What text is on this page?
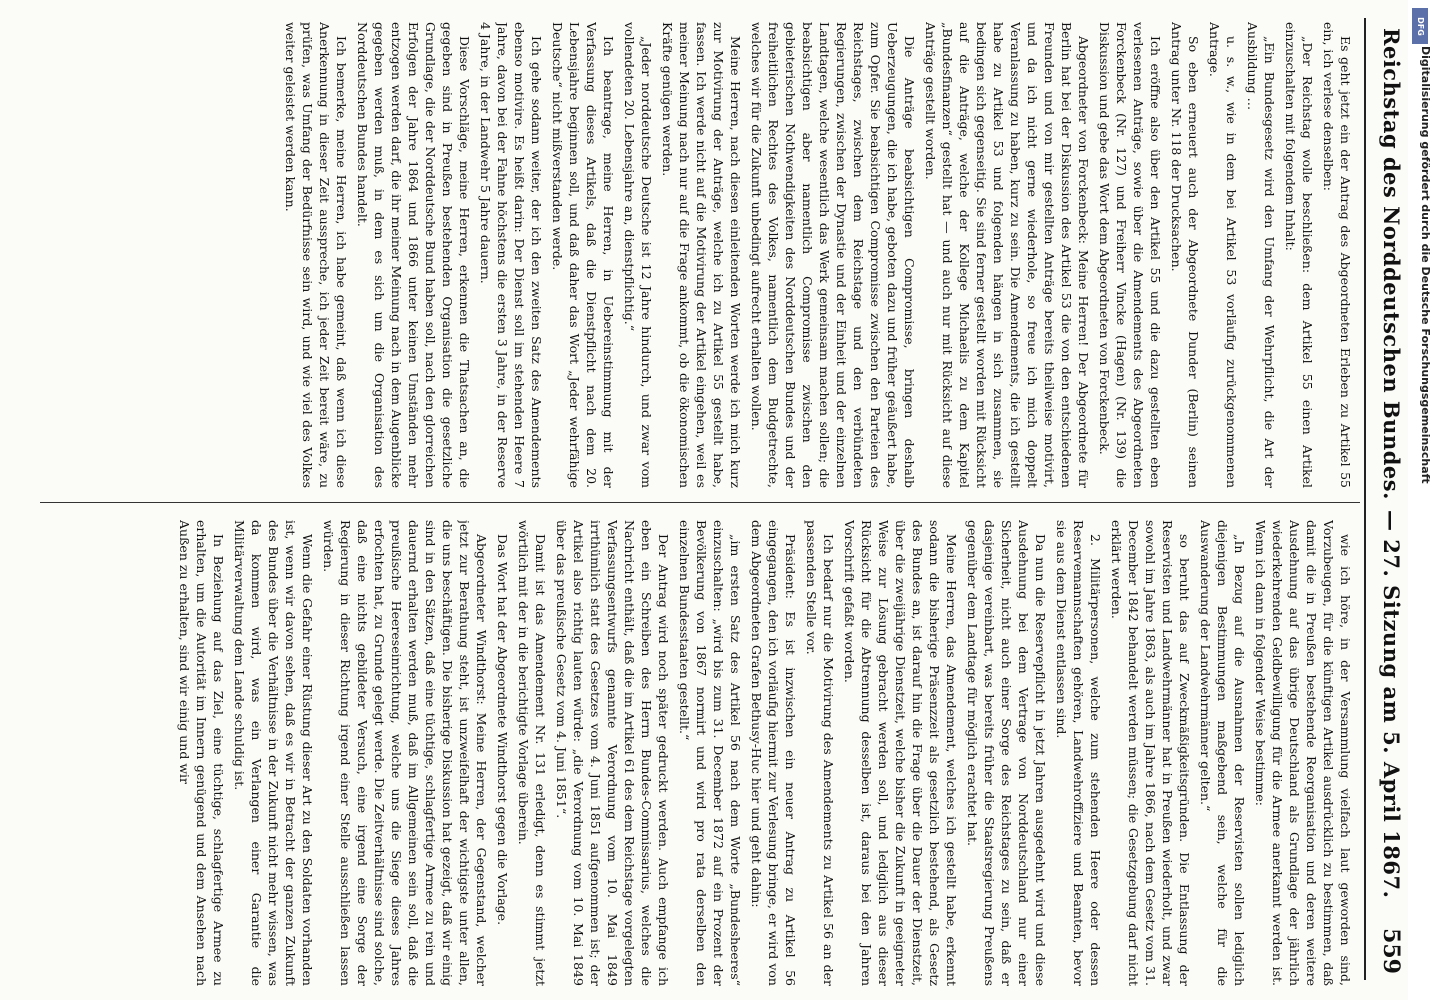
Reichstag des Norddeutschen Bundes.
— 27. Sitzung am 5. April 1867.
559

Es geht jetzt ein der Antrag des Abgeordneten Erleben zu Artikel 55 ein, ich verlese denselben:

„Der Reichstag wolle beschließen: dem Artikel 55 einen Artikel einzuschalten mit folgendem Inhalt:

„Ein Bundesgesetz wird den Umfang der Wehrpflicht, die Art der Ausbildung …

u. s. w., wie in dem bei Artikel 53 vorläufig zurückgenommenen Antrage.

So eben erneuert auch der Abgeordnete Dunder (Berlin) seinen Antrag unter Nr. 118 der Drucksachen.

Ich eröffne also über den Artikel 55 und die dazu gestellten eben verlesenen Anträge, sowie über die Amendements des Abgeordneten Forckenbeck (Nr. 127) und Freiherr Vincke (Hagen) (Nr. 139) die Diskussion und gebe das Wort dem Abgeordneten von Forckenbeck.

Abgeordneter von Forckenbeck: Meine Herren! Der Abgeordnete für Berlin hat bei der Diskussion des Artikel 53 die von den entschiedenen Freunden und von mir gestellten Anträge bereits theilweise motivirt, und da ich nicht gerne wiederhole, so freue ich mich doppelt Veranlassung zu haben, kurz zu sein. Die Amendements, die ich gestellt habe zu Artikel 53 und folgenden hängen in sich zusammen, sie bedingen sich gegenseitig. Sie sind ferner gestellt worden mit Rücksicht auf die Anträge, welche der Kollege Michaelis zu dem Kapitel „Bundesfinanzen“ gestellt hat — und auch nur mit Rücksicht auf diese Anträge gestellt worden.

Die Anträge beabsichtigen Compromisse, bringen deshalb Ueberzeugungen, die ich habe, geboten dazu und früher geäußert habe, zum Opfer. Sie beabsichtigen Compromisse zwischen den Parteien des Reichstages, zwischen dem Reichstage und den verbündeten Regierungen, zwischen der Dynastie und der Einheit und der einzelnen Landtagen, welche wesentlich das Werk gemeinsam machen sollen; die beabsichtigen aber namentlich Compromisse zwischen den gebieterischen Nothwendigkeiten des Norddeutschen Bundes und der freiheitlichen Rechtes des Volkes, namentlich dem Budgetrechte, welches wir für die Zukunft unbedingt aufrecht erhalten wollen.

Meine Herren, nach diesen einleitenden Worten werde ich mich kurz zur Motivirung der Anträge, welche ich zu Artikel 55 gestellt habe, fassen. Ich werde nicht auf die Motivirung der Artikel eingehen, weil es meiner Meinung nach nur auf die Frage ankommt, ob die ökonomischen Kräfte genügen werden.

„Jeder norddeutsche Deutsche ist 12 Jahre hindurch, und zwar vom vollendeten 20. Lebensjahre an, dienstpflichtig.“

Ich beantrage, meine Herren, in Uebereinstimmung mit der Verfassung dieses Artikels, daß die Dienstpflicht nach dem 20. Lebensjahre beginnen soll, und daß daher das Wort „Jeder wehrfähige Deutsche“ nicht mißverstanden werde.

Ich gehe sodann weiter, der ich den zweiten Satz des Amendements ebenso motivire. Es heißt darin: Der Dienst soll im stehenden Heere 7 Jahre, davon bei der Fahne höchstens die ersten 3 Jahre, in der Reserve 4 Jahre, in der Landwehr 5 Jahre dauern.

Diese Vorschläge, meine Herren, erkennen die Thatsachen an, die gegeben sind in Preußen bestehenden Organisation die gesetzliche Grundlage, die der Norddeutsche Bund haben soll, nach den glorreichen Erfolgen der Jahre 1864 und 1866 unter keinen Umständen mehr entzogen werden darf, die ihr meiner Meinung nach in dem Augenblicke gegeben werden muß, in dem es sich um die Organisation des Norddeutschen Bundes handelt.

Ich bemerke, meine Herren, ich habe gemeint, daß wenn ich diese Anerkennung in dieser Zeit ausspreche, ich jeder Zeit bereit wäre, zu prüfen, was Umfang der Bedürfnisse sein wird, und wie viel des Volkes weiter geleistet werden kann.

wie ich höre, in der Versammlung vielfach laut geworden sind, Vorzubeugen, für die künftigen Artikel ausdrücklich zu bestimmen, daß damit die in Preußen bestehende Reorganisation und deren weitere Ausdehnung auf das übrige Deutschland als Grundlage der jährlich wiederkehrenden Geldbewilligung für die Armee anerkannt werden ist. Wenn ich dann in folgender Weise bestimme:

„In Bezug auf die Ausnahmen der Reservisten sollen lediglich diejenigen Bestimmungen maßgebend sein, welche für die Auswanderung der Landwehrmänner gelten.“

so beruht das auf Zweckmäßigkeitsgründen. Die Entlassung der Reservisten und Landwehrmänner hat in Preußen wiederholt, und zwar sowohl im Jahre 1863, als auch im Jahre 1866, nach dem Gesetz vom 31. December 1842 behandelt werden müssen; die Gesetzgebung darf nicht erklärt werden.

2. Militärpersonen, welche zum stehenden Heere oder dessen Reservemannschaften gehören, Landwehroffiziere und Beamten, bevor sie aus dem Dienst entlassen sind.

Da nun die Reservepflicht in jetzt Jahren ausgedehnt wird und diese Ausdehnung bei dem Vertrage von Norddeutschland nur einer Sicherheit, nicht auch einer Sorge des Reichstages zu sein, daß er dasjenige vereinbart, was bereits früher die Staatsregierung Preußens gegenüber dem Landtage für möglich erachtet hat.

Meine Herren, das Amendement, welches ich gestellt habe, erkennt sodann die bisherige Präsenzzeit als gesetzlich bestehend, als Gesetz des Bundes an, ist darauf hin die Frage über die Dauer der Dienstzeit, über die zweijährige Dienstzeit, welche bisher die Zukunft in geeigneter Weise zur Lösung gebracht werden soll, und lediglich aus dieser Rücksicht für die Abtrennung desselben ist, daraus bei den Jahren Vorschrift gefaßt worden.

Ich bedarf nur die Motivirung des Amendements zu Artikel 56 an der passenden Stelle vor.

Präsident: Es ist inzwischen ein neuer Antrag zu Artikel 56 eingegangen, den ich vorläufig hiermit zur Verlesung bringe, er wird von dem Abgeordneten Grafen Bethusy-Huc hier und geht dahin:

„im ersten Satz des Artikel 56 nach dem Worte „Bundesheeres“ einzuschalten: „wird bis zum 31. December 1872 auf ein Prozent der Bevölkerung von 1867 normirt und wird pro rata derselben den einzelnen Bundesstaaten gestellt.“

Der Antrag wird noch später gedruckt werden. Auch empfange ich eben ein Schreiben des Herrn Bundes-Commissarius, welches die Nachricht enthält, daß die im Artikel 61 des dem Reichstage vorgelegten Verfassungsentwurfs genannte Verordnung vom 10. Mai 1849 irrthümlich statt des Gesetzes vom 4. Juni 1851 aufgenommen ist; der Artikel also richtig lauten würde: „die Verordnung vom 10. Mai 1849 über das preußische Gesetz vom 4. Juni 1851“.

Damit ist das Amendement Nr. 131 erledigt, denn es stimmt jetzt wörtlich mit der in die berichtigte Vorlage überein.

Das Wort hat der Abgeordnete Windthorst gegen die Vorlage.

Abgeordneter Windthorst: Meine Herren, der Gegenstand, welcher jetzt zur Berathung steht, ist unzweifelhaft der wichtigste unter allen, die uns beschäftigen. Die bisherige Diskussion hat gezeigt, daß wir einig sind in den Sätzen, daß eine tüchtige, schlagfertige Armee zu rein und dauernd erhalten werden muß, daß im Allgemeinen sein soll, daß die preußische Heereseinrichtung, welche uns die Siege dieses Jahres erfochten hat, zu Grunde gelegt werde. Die Zeitverhältnisse sind solche, daß eine nichts gebildeter Versuch, eine irgend eine Sorge der Regierung in dieser Richtung irgend einer Stelle ausschließen lassen würden.

Wenn die Gefahr einer Rüstung dieser Art zu den Soldaten vorhanden ist, wenn wir davon sehen, daß es wir in Betracht der ganzen Zukunft des Bundes über die Verhältnisse in der Zukunft nicht mehr wissen, was da kommen wird, was ein Verlangen einer Garantie die Militärverwaltung dem Lande schuldig ist.

In Beziehung auf das Ziel, eine tüchtige, schlagfertige Armee zu erhalten, um die Autorität im Innern genügend und dem Ansehen nach Außen zu erhalten, sind wir einig und wir

DFG
Digitalisierung gefördert durch die Deutsche Forschungsgemeinschaft
